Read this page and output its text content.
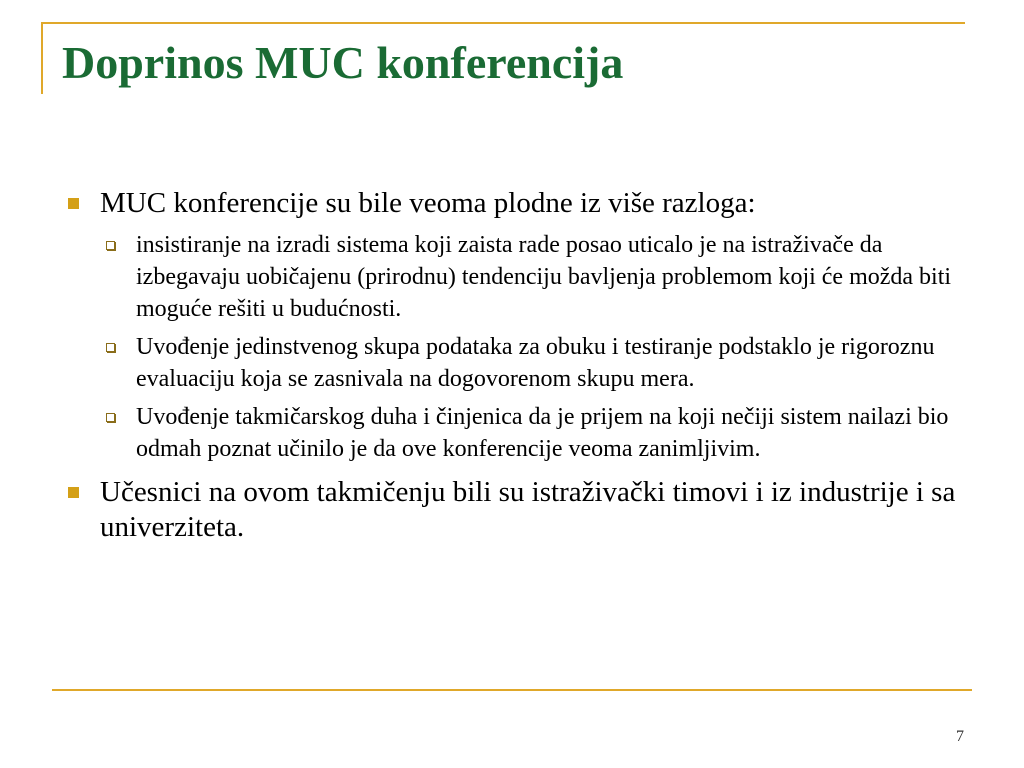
Doprinos MUC konferencija
MUC konferencije su bile veoma plodne iz više razloga:
insistiranje na izradi sistema koji zaista rade posao uticalo je na istraživače da izbegavaju uobičajenu (prirodnu) tendenciju bavljenja problemom koji će možda biti moguće rešiti u budućnosti.
Uvođenje jedinstvenog skupa podataka za obuku i testiranje podstaklo je rigoroznu evaluaciju koja se zasnivala na dogovorenom skupu mera.
Uvođenje takmičarskog duha i činjenica da je prijem na koji nečiji sistem nailazi bio odmah poznat učinilo je da ove konferencije veoma zanimljivim.
Učesnici na ovom takmičenju bili su istraživački timovi i iz industrije i sa univerziteta.
7
